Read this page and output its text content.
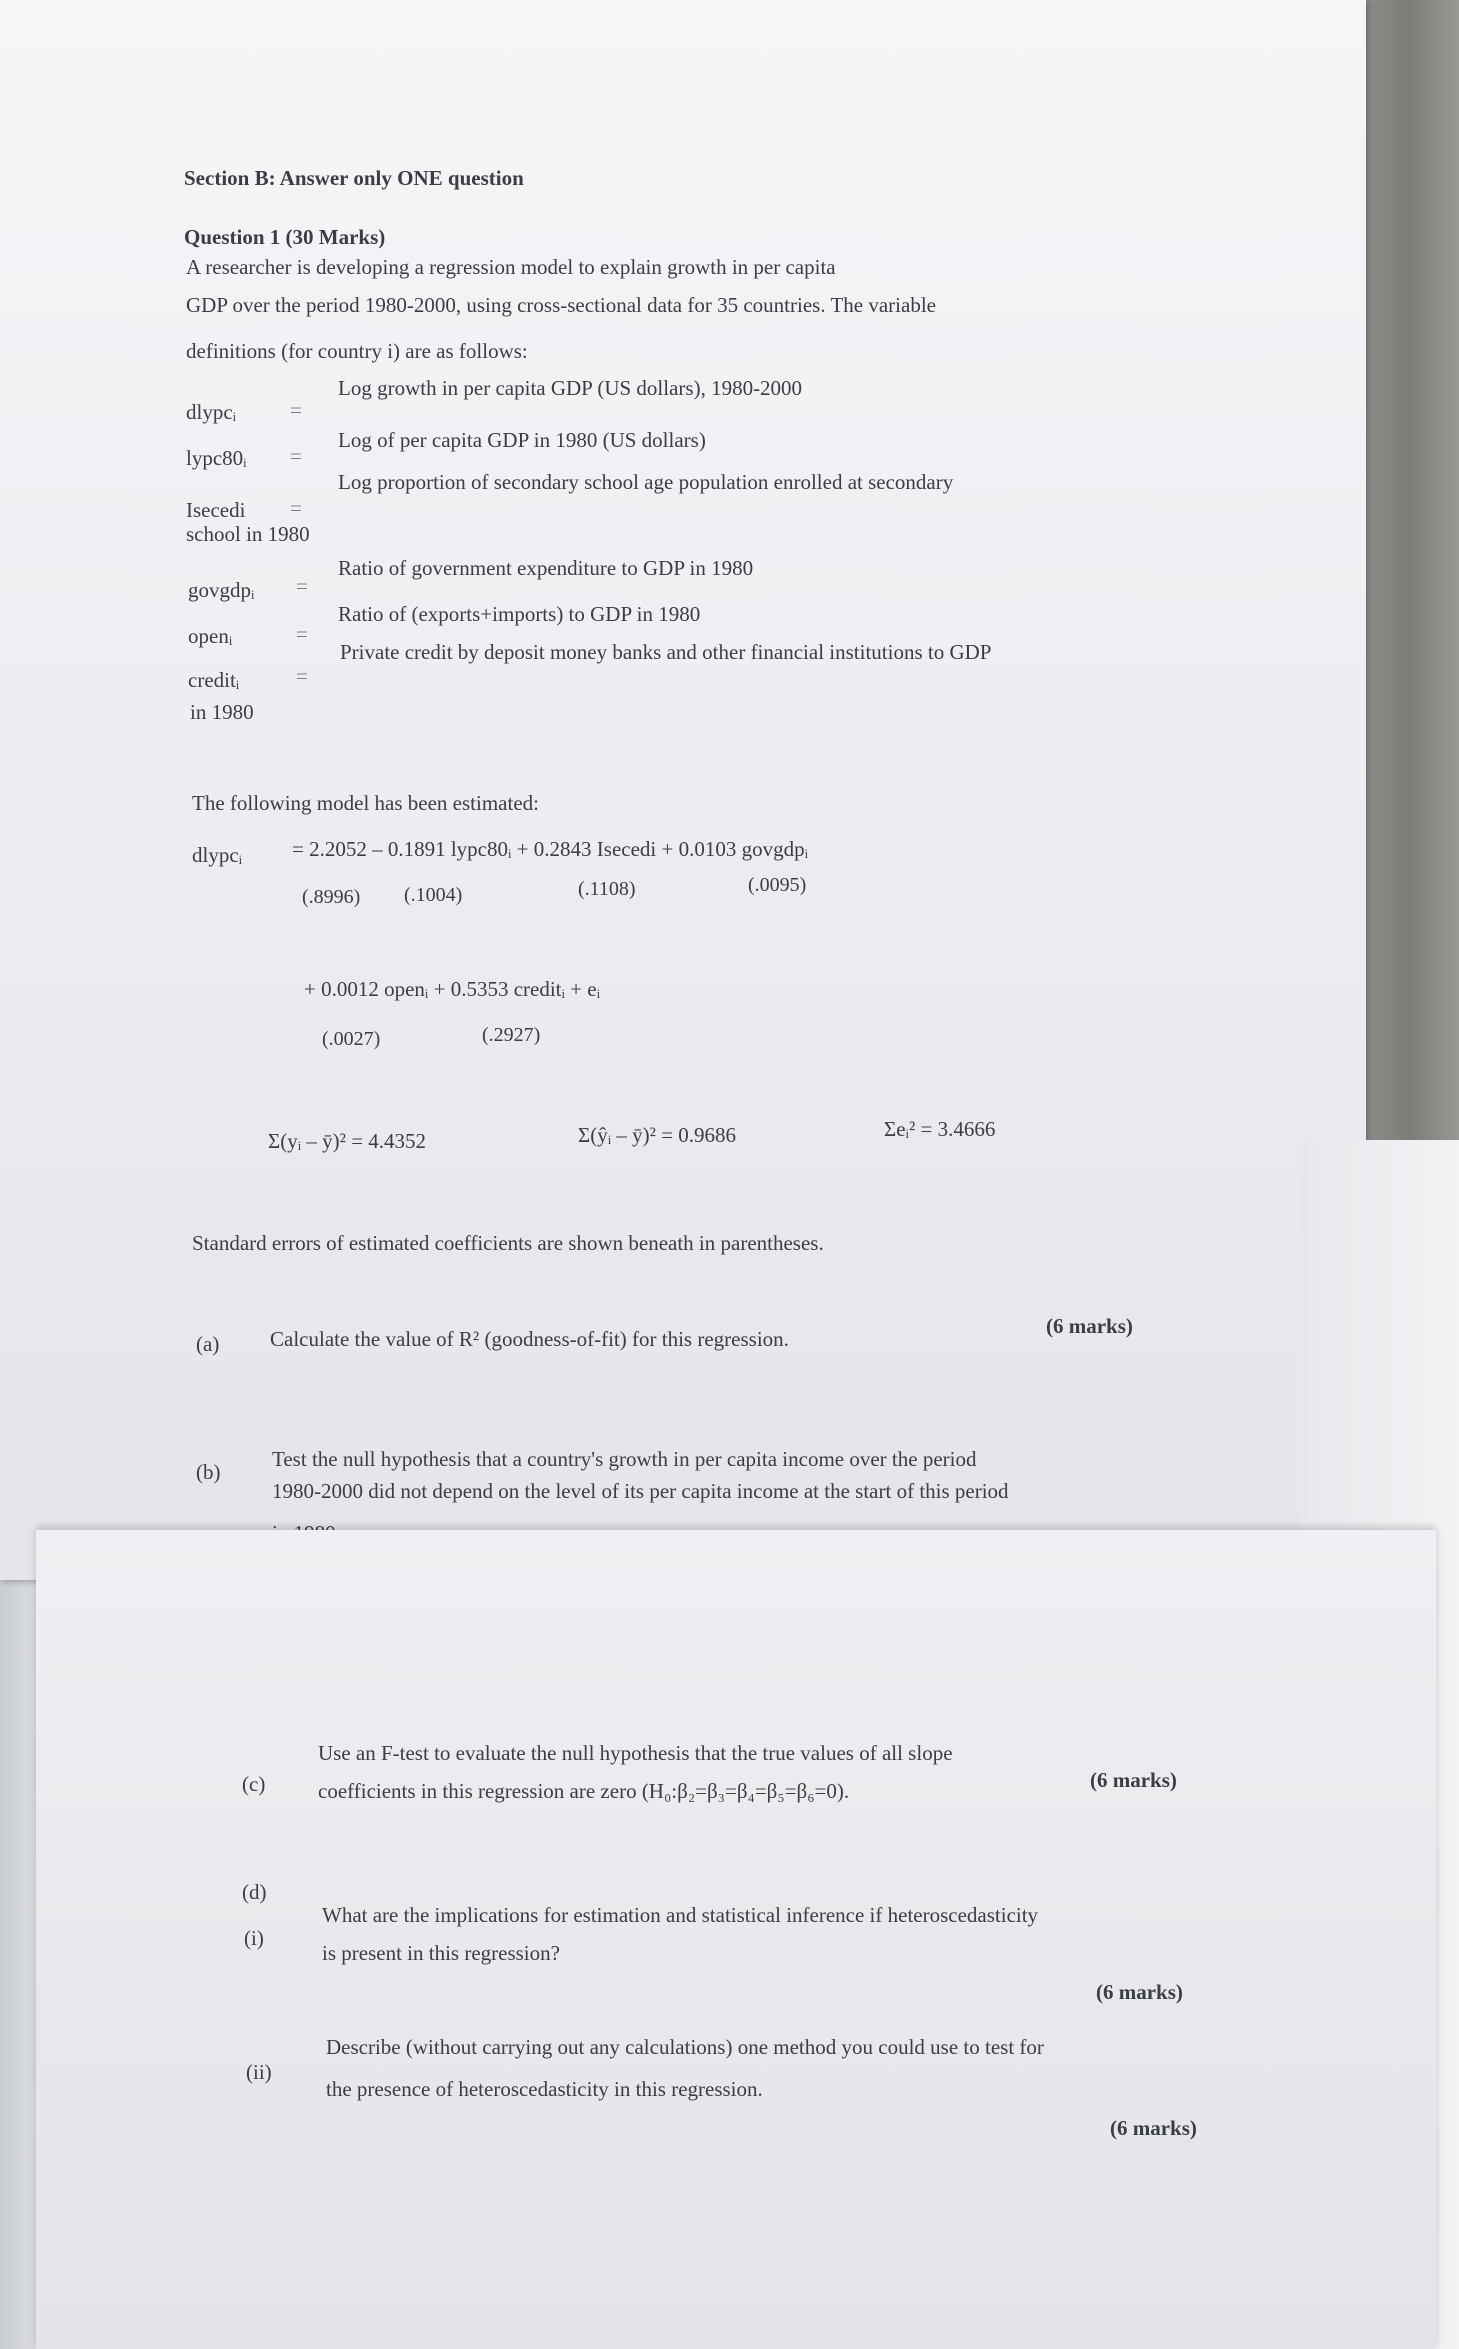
Section B: Answer only ONE question
Question 1 (30 Marks)
A researcher is developing a regression model to explain growth in per capita
GDP over the period 1980-2000, using cross-sectional data for 35 countries. The variable
definitions (for country i) are as follows:
dlypcᵢ	=
Log growth in per capita GDP (US dollars), 1980-2000
lypc80ᵢ =
Log of per capita GDP in 1980 (US dollars)
Isecedi =
Log proportion of secondary school age population enrolled at secondary
school in 1980
govgdpᵢ =
Ratio of government expenditure to GDP in 1980
openᵢ	=
Ratio of (exports+imports) to GDP in 1980
creditᵢ	=
Private credit by deposit money banks and other financial institutions to GDP
in 1980
The following model has been estimated:
dlypcᵢ = 2.2052 – 0.1891 lypc80ᵢ + 0.2843 Isecedi + 0.0103 govgdpᵢ
(.8996) (.1004)	(.1108)	(.0095)
+ 0.0012 openᵢ + 0.5353 creditᵢ + eᵢ
(.0027)	(.2927)
Σ(yᵢ – ȳ)² = 4.4352	Σ(ŷᵢ – ȳ)² = 0.9686	Σeᵢ² = 3.4666
Standard errors of estimated coefficients are shown beneath in parentheses.
(a) Calculate the value of R² (goodness-of-fit) for this regression.
(6 marks)
(b)
Test the null hypothesis that a country's growth in per capita income over the period
1980-2000 did not depend on the level of its per capita income at the start of this period
(c)
Use an F-test to evaluate the null hypothesis that the true values of all slope
coefficients in this regression are zero (H₀:β₂=β₃=β₄=β₅=β₆=0).	(6 marks)
(d)
(i)
What are the implications for estimation and statistical inference if heteroscedasticity
is present in this regression?
(6 marks)
(ii)
Describe (without carrying out any calculations) one method you could use to test for
the presence of heteroscedasticity in this regression.
(6 marks)
